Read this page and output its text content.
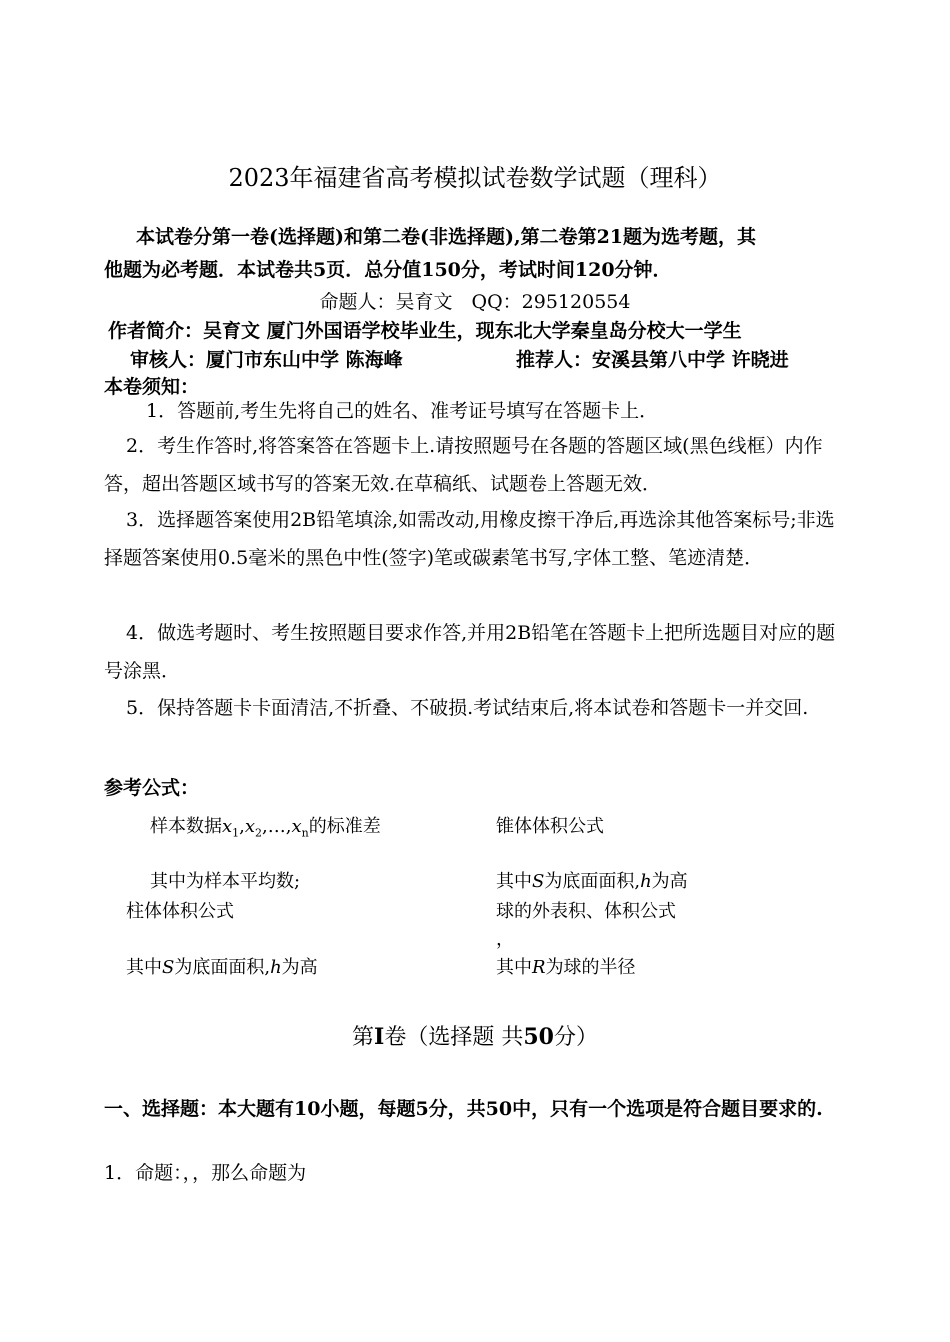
2023年福建省高考模拟试卷数学试题（理科）
本试卷分第一卷(选择题)和第二卷(非选择题),第二卷第21题为选考题，其
他题为必考题．本试卷共5页．总分值150分，考试时间120分钟．
命题人：吴育文　QQ：295120554
作者简介：吴育文 厦门外国语学校毕业生，现东北大学秦皇岛分校大一学生
审核人：厦门市东山中学 陈海峰	推荐人：安溪县第八中学 许晓进
本卷须知：
1．答题前,考生先将自己的姓名、准考证号填写在答题卡上．
2．考生作答时,将答案答在答题卡上.请按照题号在各题的答题区域(黑色线框）内作答，超出答题区域书写的答案无效.在草稿纸、试题卷上答题无效．
3．选择题答案使用2B铅笔填涂,如需改动,用橡皮擦干净后,再选涂其他答案标号;非选择题答案使用0.5毫米的黑色中性(签字)笔或碳素笔书写,字体工整、笔迹清楚．
4．做选考题时、考生按照题目要求作答,并用2B铅笔在答题卡上把所选题目对应的题号涂黑．
5．保持答题卡卡面清洁,不折叠、不破损.考试结束后,将本试卷和答题卡一并交回.
参考公式：
样本数据$x_1,x_2,\dots,x_n$的标准差	锥体体积公式
其中为样本平均数;	其中S为底面面积,h为高
柱体体积公式	球的外表积、体积公式
，
其中S为底面面积,h为高	其中R为球的半径
第I卷（选择题 共50分）
一、选择题：本大题有10小题，每题5分，共50中，只有一个选项是符合题目要求的.
1．命题：，，那么命题为
